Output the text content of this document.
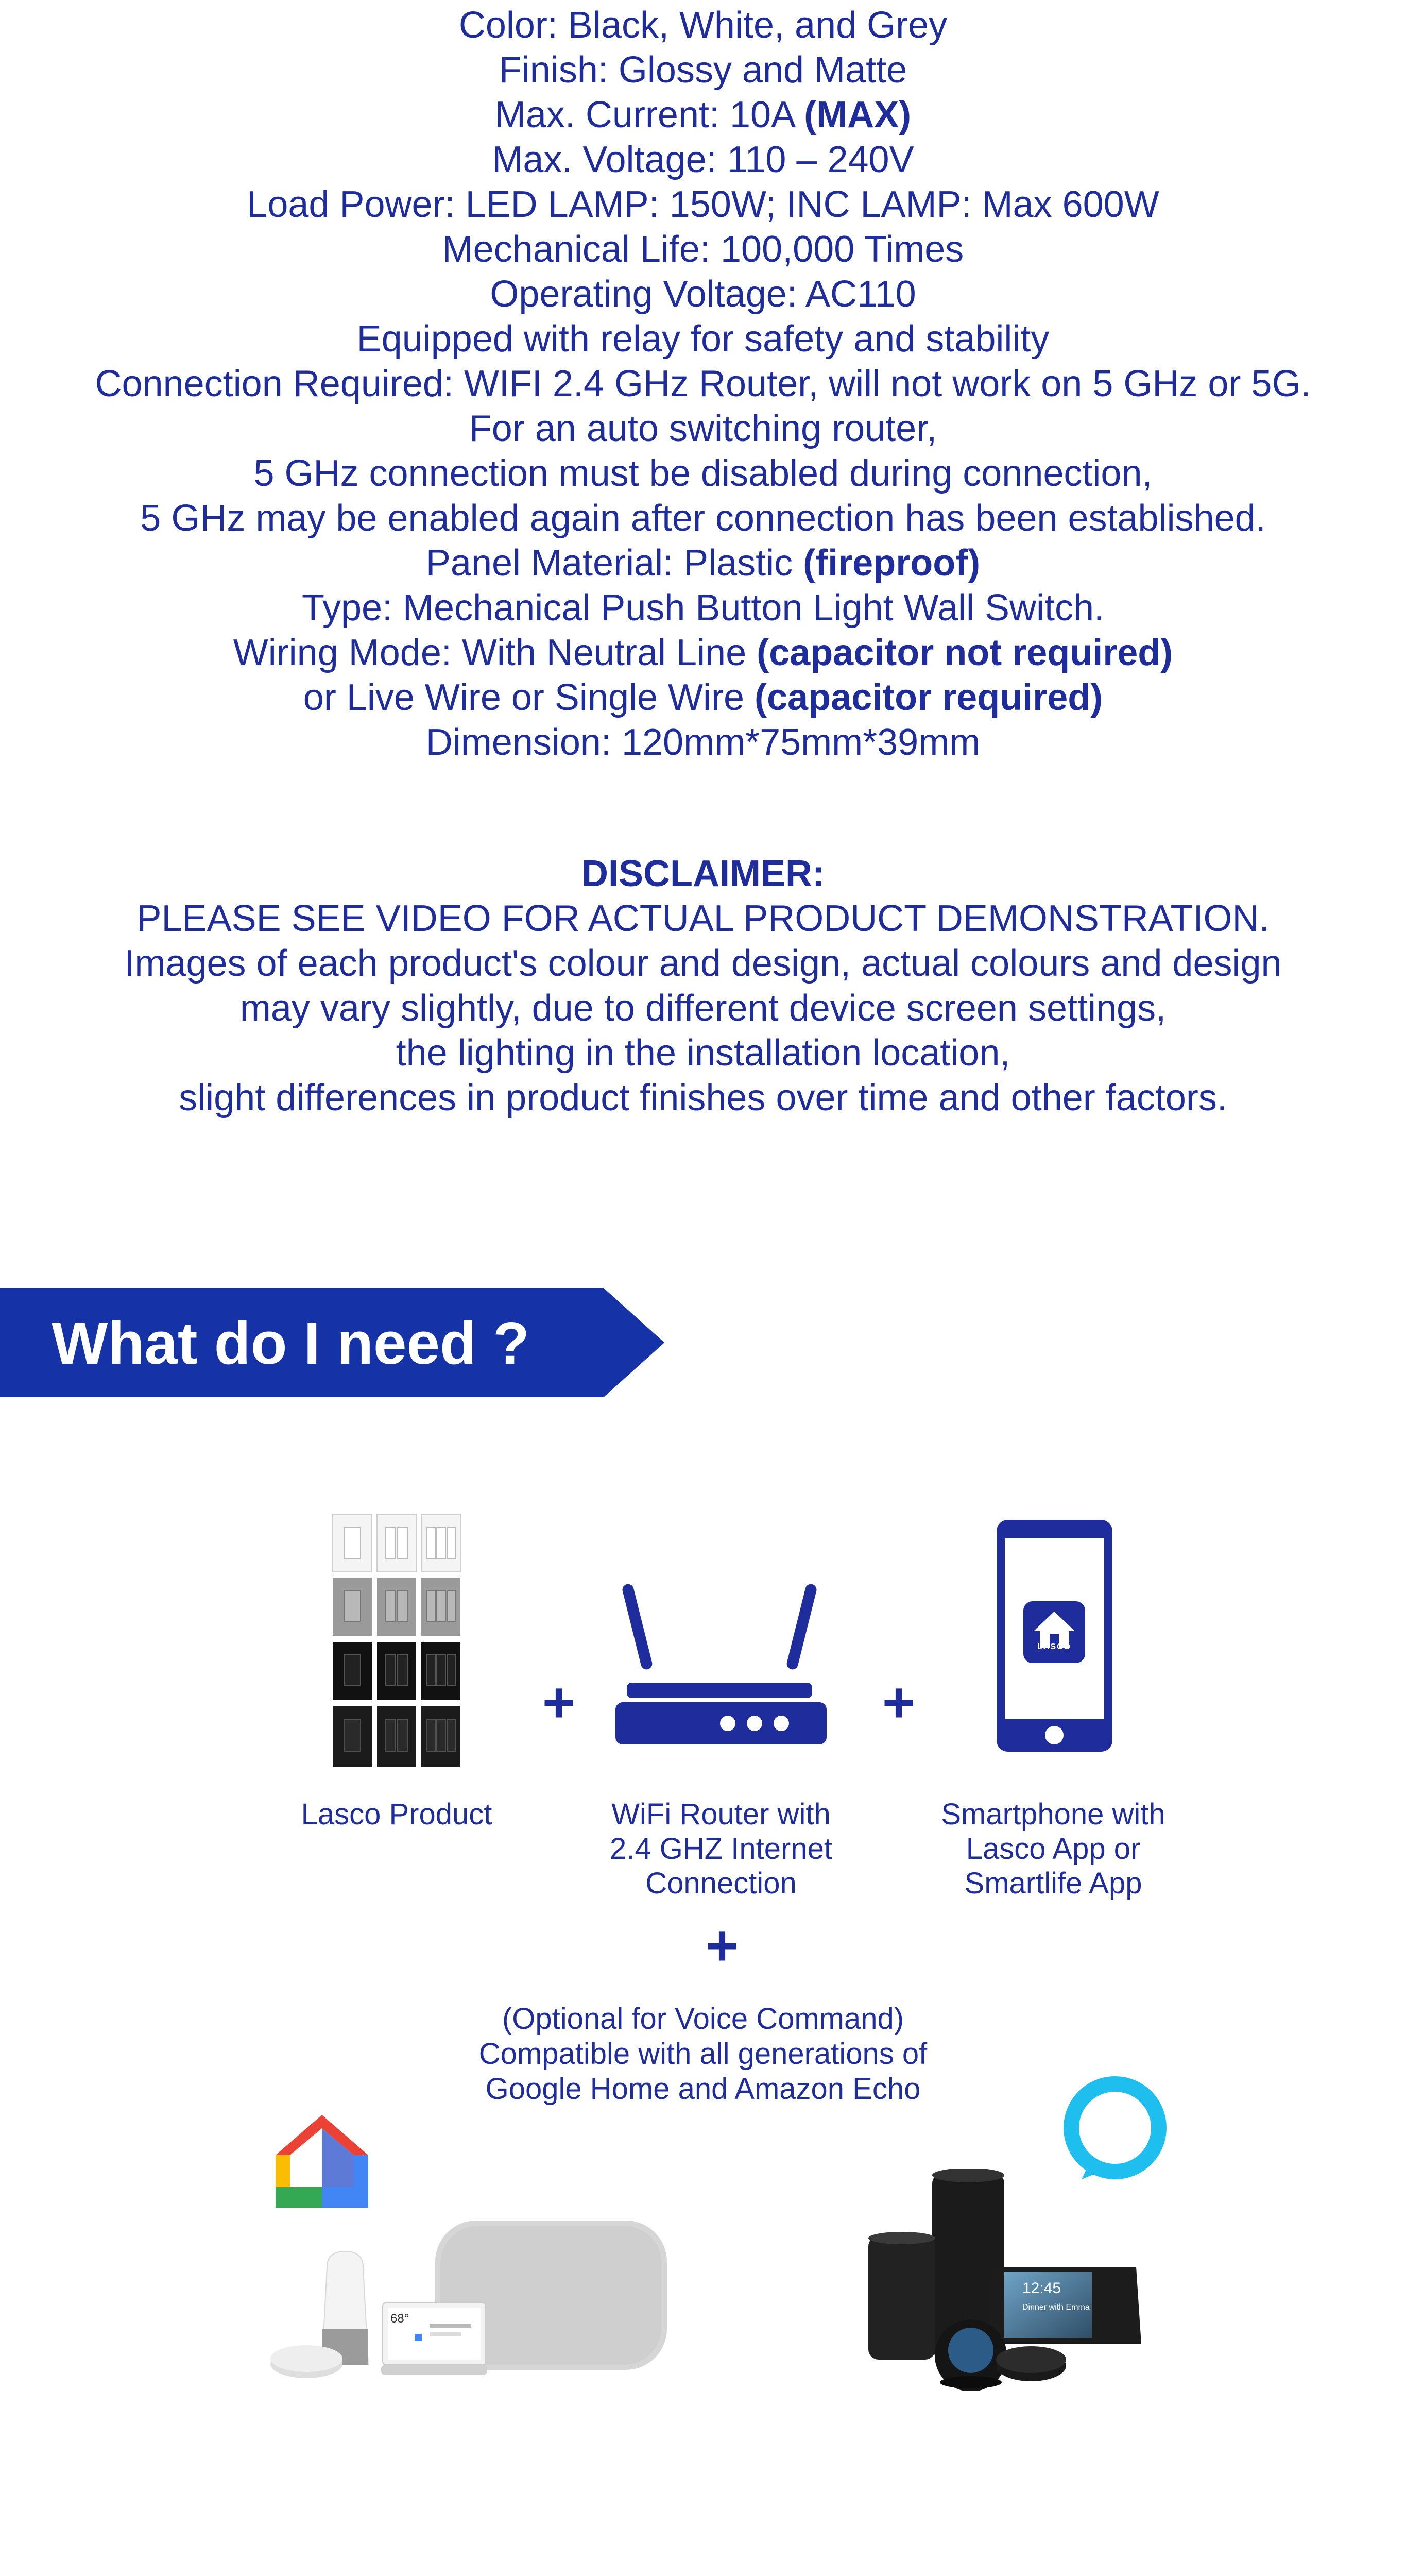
Color: Black, White, and Grey
Finish: Glossy and Matte
Max. Current: 10A (MAX)
Max. Voltage: 110 – 240V
Load Power: LED LAMP: 150W; INC LAMP: Max 600W
Mechanical Life: 100,000 Times
Operating Voltage: AC110
Equipped with relay for safety and stability
Connection Required: WIFI 2.4 GHz Router, will not work on 5 GHz or 5G.
For an auto switching router,
5 GHz connection must be disabled during connection,
5 GHz may be enabled again after connection has been established.
Panel Material: Plastic (fireproof)
Type: Mechanical Push Button Light Wall Switch.
Wiring Mode: With Neutral Line (capacitor not required)
or Live Wire or Single Wire (capacitor required)
Dimension: 120mm*75mm*39mm
DISCLAIMER:
PLEASE SEE VIDEO FOR ACTUAL PRODUCT DEMONSTRATION.
Images of each product's colour and design, actual colours and design
may vary slightly, due to different device screen settings,
the lighting in the installation location,
slight differences in product finishes over time and other factors.
What do I need ?
+	+
LASCO
Lasco Product	WiFi Router with
2.4 GHZ Internet
Connection
Smartphone with
Lasco App or
Smartlife App
+
(Optional for Voice Command)
Compatible with all generations of
Google Home and Amazon Echo
68°
12:45
Dinner with Emma
